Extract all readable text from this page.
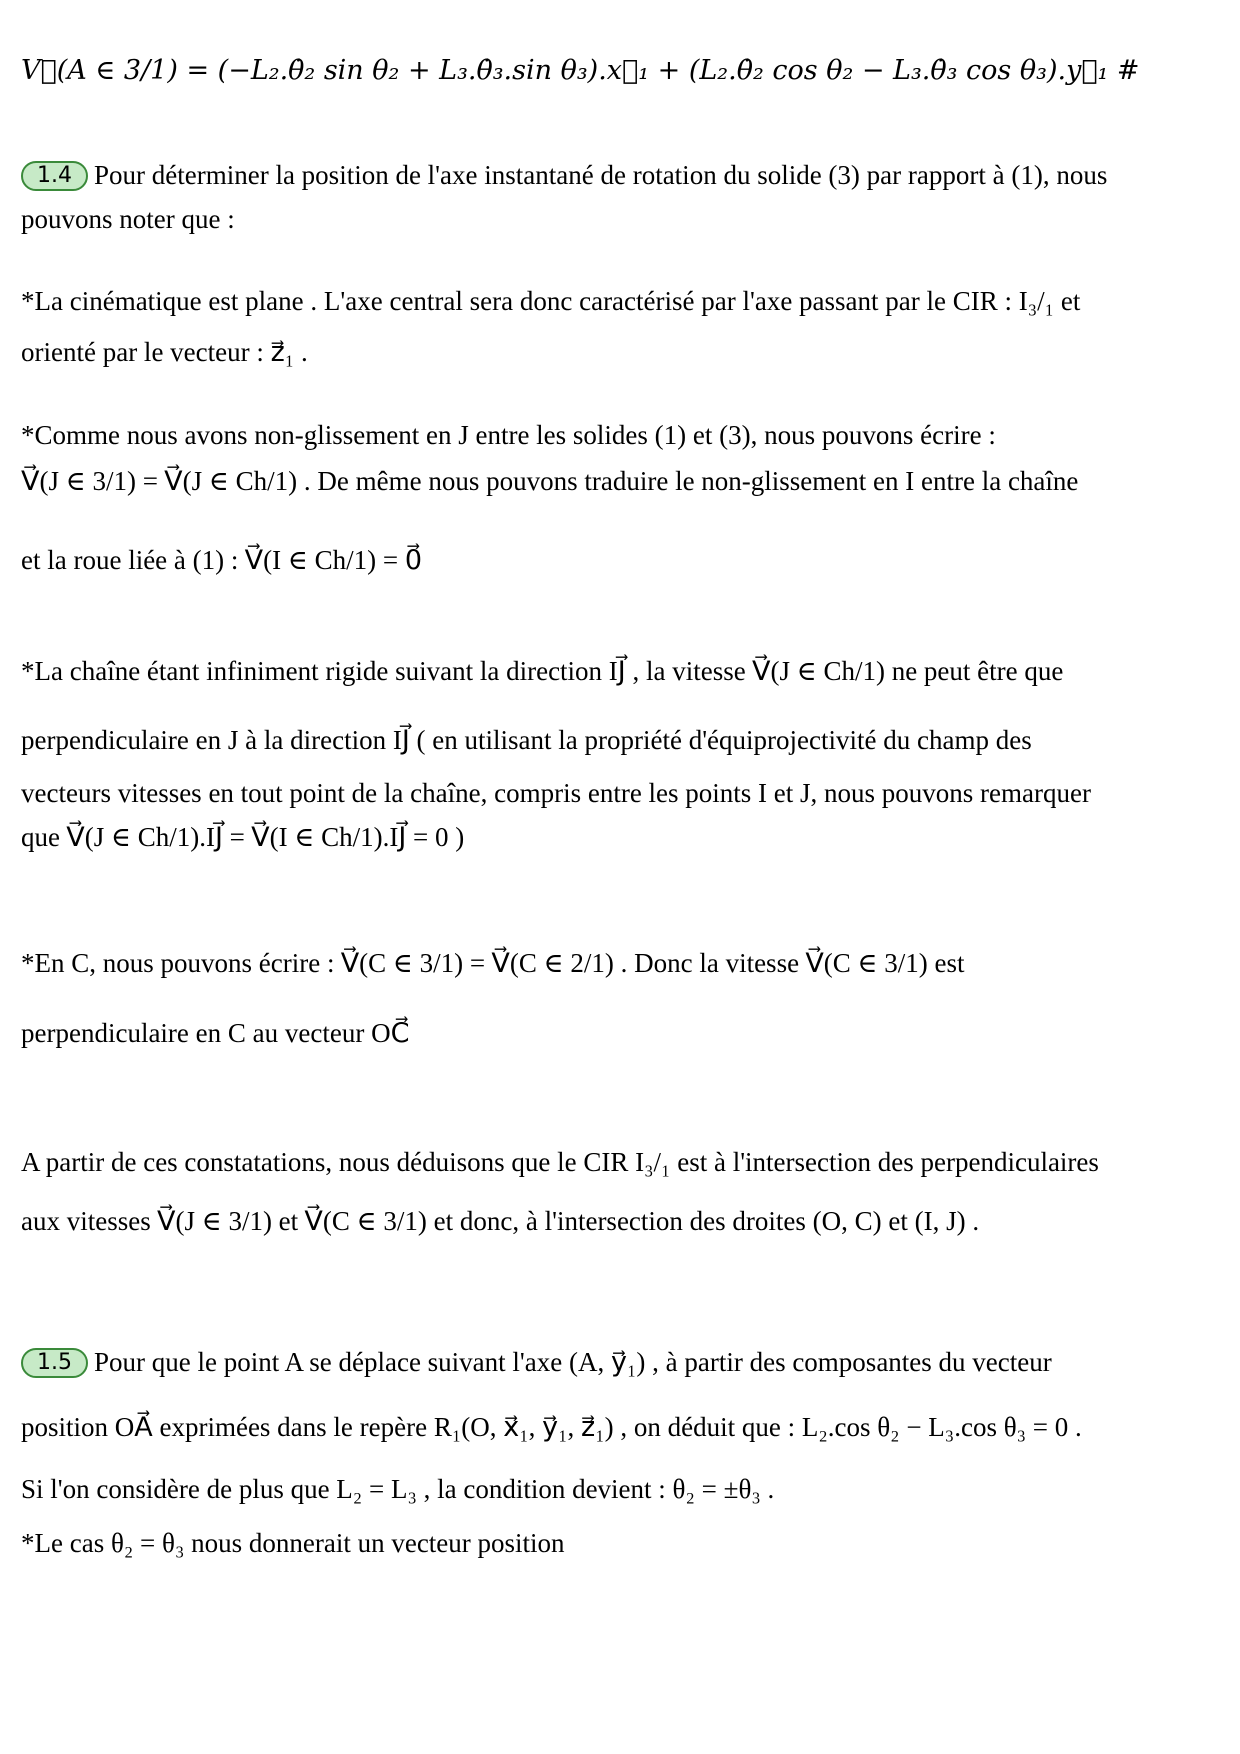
V⃗(A ∈ 3/1) = (−L₂.θ̇₂ sin θ₂ + L₃.θ̇₃.sin θ₃).x⃗₁ + (L₂.θ̇₂ cos θ₂ − L₃.θ̇₃ cos θ₃).y⃗₁ #
1.4 Pour déterminer la position de l'axe instantané de rotation du solide (3) par rapport à (1), nous
pouvons noter que :
*La cinématique est plane . L'axe central sera donc caractérisé par l'axe passant par le CIR : I₃/₁ et
orienté par le vecteur : z⃗₁ .
*Comme nous avons non-glissement en J entre les solides (1) et (3), nous pouvons écrire :
V⃗(J ∈ 3/1) = V⃗(J ∈ Ch/1) . De même nous pouvons traduire le non-glissement en I entre la chaîne
et la roue liée à (1) : V⃗(I ∈ Ch/1) = 0⃗
*La chaîne étant infiniment rigide suivant la direction IJ⃗ , la vitesse V⃗(J ∈ Ch/1) ne peut être que
perpendiculaire en J à la direction IJ⃗ ( en utilisant la propriété d'équiprojectivité du champ des
vecteurs vitesses en tout point de la chaîne, compris entre les points I et J, nous pouvons remarquer
que V⃗(J ∈ Ch/1).IJ⃗ = V⃗(I ∈ Ch/1).IJ⃗ = 0 )
*En C, nous pouvons écrire : V⃗(C ∈ 3/1) = V⃗(C ∈ 2/1) . Donc la vitesse V⃗(C ∈ 3/1) est
perpendiculaire en C au vecteur OC⃗
A partir de ces constatations, nous déduisons que le CIR I₃/₁ est à l'intersection des perpendiculaires
aux vitesses V⃗(J ∈ 3/1) et V⃗(C ∈ 3/1) et donc, à l'intersection des droites (O, C) et (I, J) .
1.5 Pour que le point A se déplace suivant l'axe (A, y⃗₁) , à partir des composantes du vecteur
position OA⃗ exprimées dans le repère R₁(O, x⃗₁, y⃗₁, z⃗₁) , on déduit que : L₂.cos θ₂ − L₃.cos θ₃ = 0 .
Si l'on considère de plus que L₂ = L₃ , la condition devient : θ₂ = ±θ₃ .
*Le cas θ₂ = θ₃ nous donnerait un vecteur position
